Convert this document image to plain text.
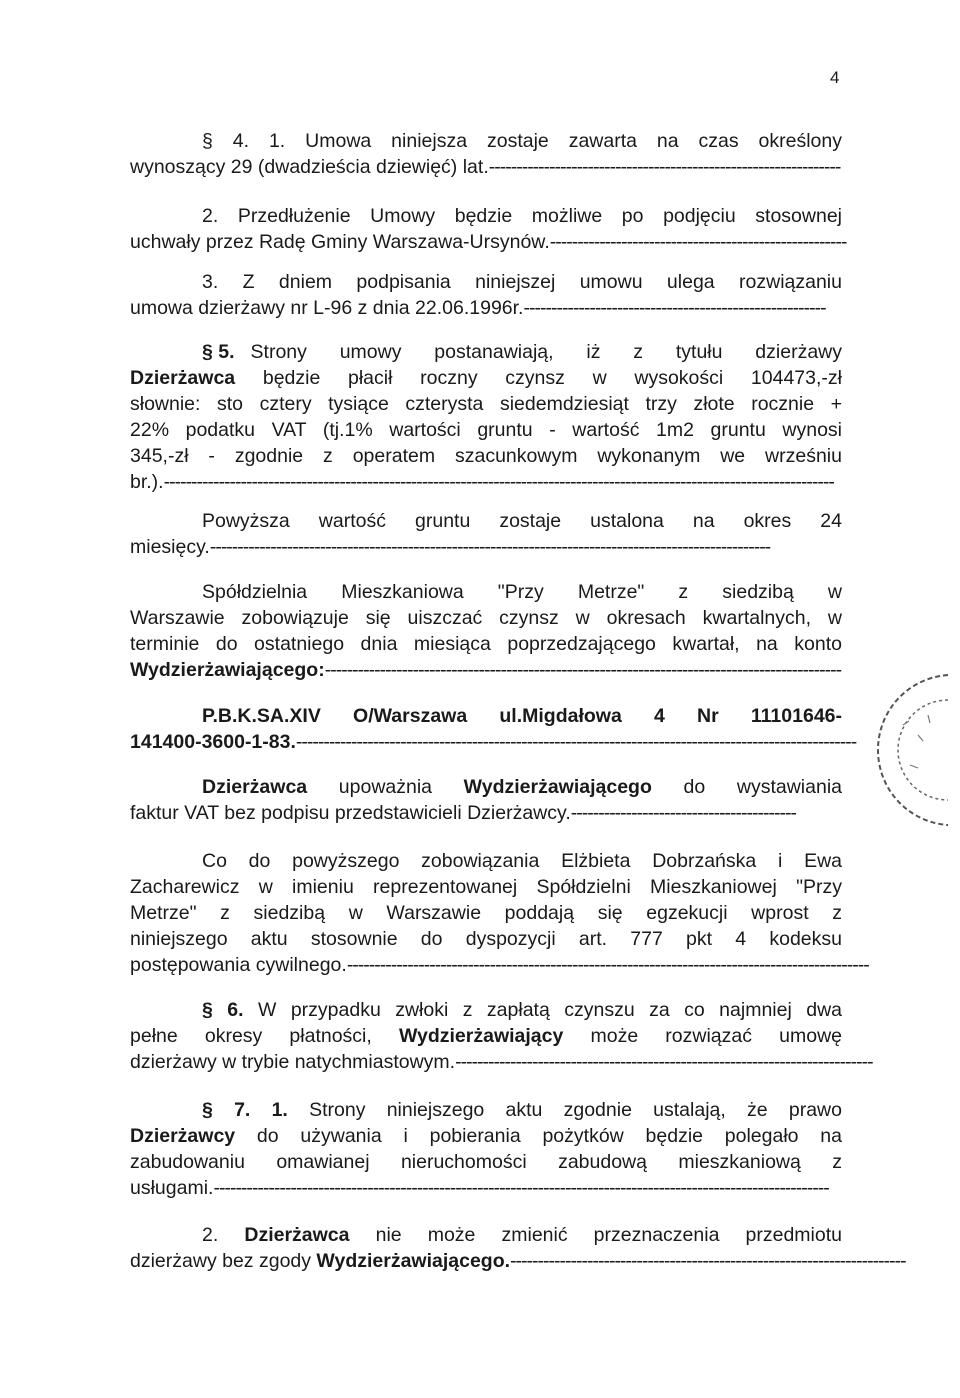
4
§ 4. 1. Umowa niniejsza zostaje zawarta na czas określony
wynoszący 29 (dwadzieścia dziewięć) lat.----------------------------------------------------------------
2. Przedłużenie Umowy będzie możliwe po podjęciu stosownej
uchwały przez Radę Gminy Warszawa-Ursynów.------------------------------------------------------
3. Z dniem podpisania niniejszej umowu ulega rozwiązaniu
umowa dzierżawy nr L-96 z dnia 22.06.1996r.-------------------------------------------------------
§ 5. Strony umowy postanawiają, iż z tytułu dzierżawy
Dzierżawca będzie płacił roczny czynsz w wysokości 104473,-zł
słownie: sto cztery tysiące czterysta siedemdziesiąt trzy złote rocznie +
22% podatku VAT (tj.1% wartości gruntu - wartość 1m2 gruntu wynosi
345,-zł - zgodnie z operatem szacunkowym wykonanym we wrześniu
br.).--------------------------------------------------------------------------------------------------------------------------
Powyższa wartość gruntu zostaje ustalona na okres 24
miesięcy.------------------------------------------------------------------------------------------------------
Spółdzielnia Mieszkaniowa "Przy Metrze" z siedzibą w
Warszawie zobowiązuje się uiszczać czynsz w okresach kwartalnych, w
terminie do ostatniego dnia miesiąca poprzedzającego kwartał, na konto
Wydzierżawiającego:----------------------------------------------------------------------------------------------
P.B.K.SA.XIV O/Warszawa ul.Migdałowa 4 Nr 11101646-
141400-3600-1-83.------------------------------------------------------------------------------------------------------
Dzierżawca upoważnia Wydzierżawiającego do wystawiania
faktur VAT bez podpisu przedstawicieli Dzierżawcy.-----------------------------------------
Co do powyższego zobowiązania Elżbieta Dobrzańska i Ewa
Zacharewicz w imieniu reprezentowanej Spółdzielni Mieszkaniowej "Przy
Metrze" z siedzibą w Warszawie poddają się egzekucji wprost z
niniejszego aktu stosownie do dyspozycji art. 777 pkt 4 kodeksu
postępowania cywilnego.-----------------------------------------------------------------------------------------------
§ 6. W przypadku zwłoki z zapłatą czynszu za co najmniej dwa
pełne okresy płatności, Wydzierżawiający może rozwiązać umowę
dzierżawy w trybie natychmiastowym.----------------------------------------------------------------------------
§ 7. 1. Strony niniejszego aktu zgodnie ustalają, że prawo
Dzierżawcy do używania i pobierania pożytków będzie polegało na
zabudowaniu omawianej nieruchomości zabudową mieszkaniową z
usługami.----------------------------------------------------------------------------------------------------------------
2. Dzierżawca nie może zmienić przeznaczenia przedmiotu
dzierżawy bez zgody Wydzierżawiającego.------------------------------------------------------------------------
